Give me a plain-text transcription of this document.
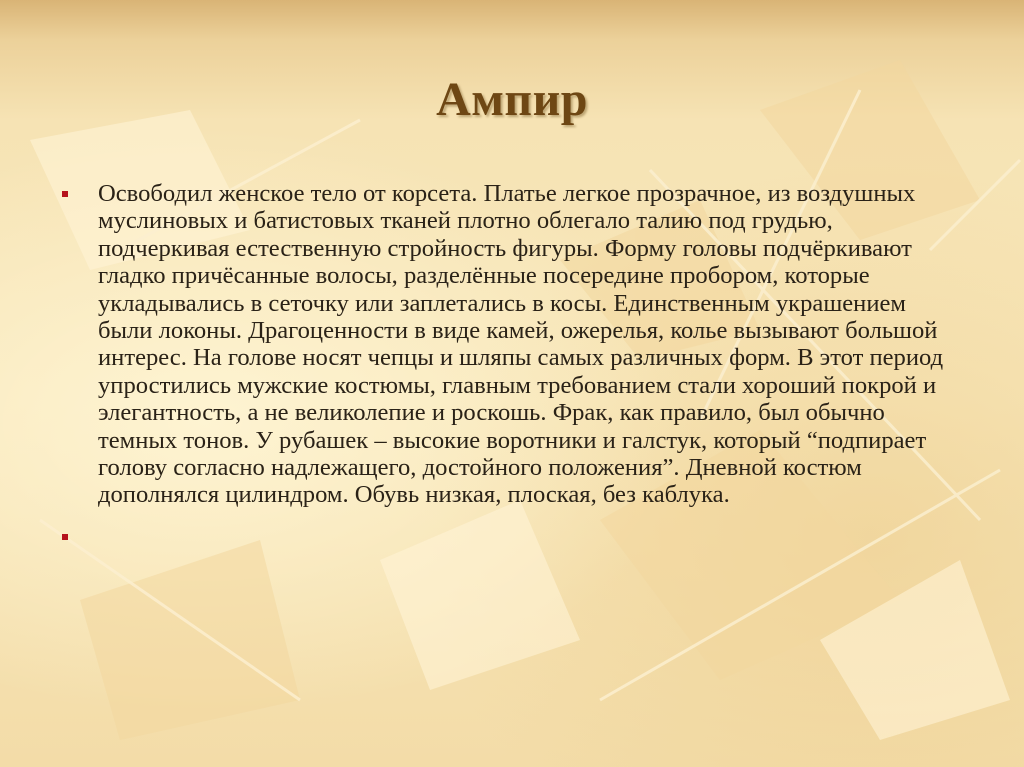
Ампир
Освободил женское тело от корсета. Платье легкое прозрачное, из воздушных муслиновых и батистовых тканей плотно облегало талию под грудью, подчеркивая естественную стройность фигуры. Форму головы подчёркивают гладко причёсанные волосы, разделённые посередине пробором, которые укладывались в сеточку или заплетались в косы. Единственным украшением были локоны. Драгоценности в виде камей, ожерелья, колье вызывают большой интерес. На голове носят чепцы и шляпы самых различных форм. В этот период упростились мужские костюмы, главным требованием стали хороший покрой и элегантность, а не великолепие и роскошь. Фрак, как правило, был обычно темных тонов. У рубашек – высокие воротники и галстук, который “подпирает голову согласно надлежащего, достойного положения”. Дневной костюм дополнялся цилиндром. Обувь низкая, плоская, без каблука.
